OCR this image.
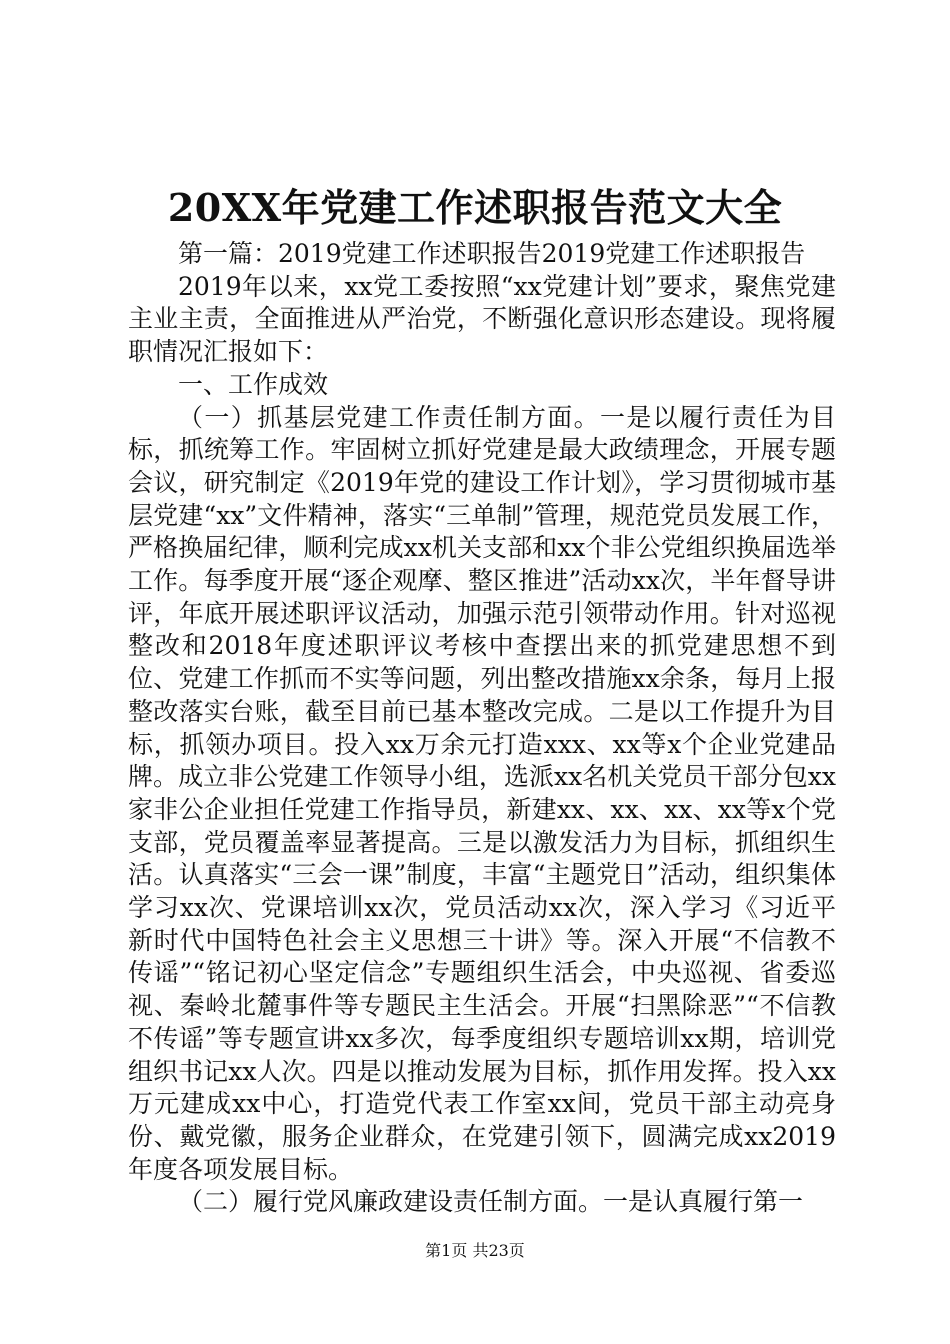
20XX年党建工作述职报告范文大全

第一篇：2019党建工作述职报告2019党建工作述职报告

2019年以来，xx党工委按照“xx党建计划”要求，聚焦党建主业主责，全面推进从严治党，不断强化意识形态建设。现将履职情况汇报如下：

一、工作成效

（一）抓基层党建工作责任制方面。一是以履行责任为目标，抓统筹工作。牢固树立抓好党建是最大政绩理念，开展专题会议，研究制定《2019年党的建设工作计划》，学习贯彻城市基层党建“xx”文件精神，落实“三单制”管理，规范党员发展工作，严格换届纪律，顺利完成xx机关支部和xx个非公党组织换届选举工作。每季度开展“逐企观摩、整区推进”活动xx次，半年督导讲评，年底开展述职评议活动，加强示范引领带动作用。针对巡视整改和2018年度述职评议考核中查摆出来的抓党建思想不到位、党建工作抓而不实等问题，列出整改措施xx余条，每月上报整改落实台账，截至目前已基本整改完成。二是以工作提升为目标，抓领办项目。投入xx万余元打造xxx、xx等x个企业党建品牌。成立非公党建工作领导小组，选派xx名机关党员干部分包xx家非公企业担任党建工作指导员，新建xx、xx、xx、xx等x个党支部，党员覆盖率显著提高。三是以激发活力为目标，抓组织生活。认真落实“三会一课”制度，丰富“主题党日”活动，组织集体学习xx次、党课培训xx次，党员活动xx次，深入学习《习近平新时代中国特色社会主义思想三十讲》等。深入开展“不信教不传谣”“铭记初心坚定信念”专题组织生活会，中央巡视、省委巡视、秦岭北麓事件等专题民主生活会。开展“扫黑除恶”“不信教不传谣”等专题宣讲xx多次，每季度组织专题培训xx期，培训党组织书记xx人次。四是以推动发展为目标，抓作用发挥。投入xx万元建成xx中心，打造党代表工作室xx间，党员干部主动亮身份、戴党徽，服务企业群众，在党建引领下，圆满完成xx2019年度各项发展目标。

（二）履行党风廉政建设责任制方面。一是认真履行第一

第1页 共23页
